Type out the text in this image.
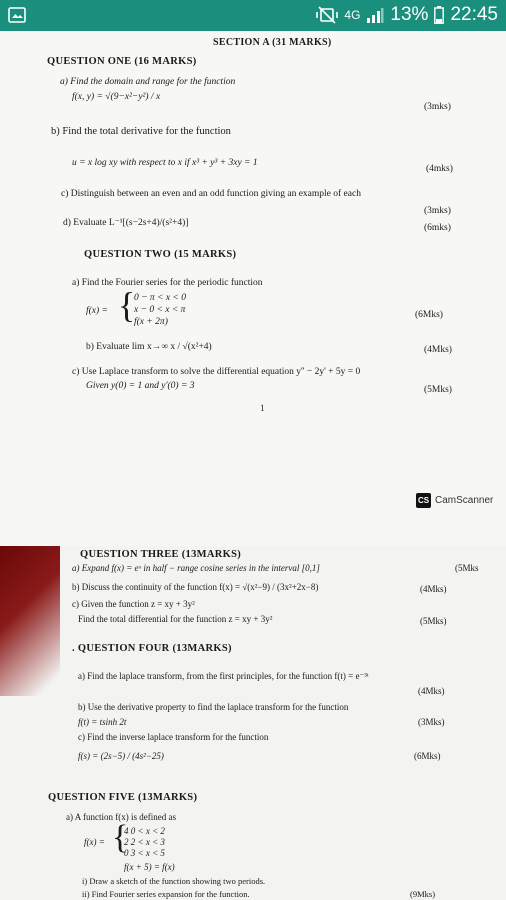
4G 13% 22:45
SECTION A (31 MARKS)
QUESTION ONE (16 MARKS)
a) Find the domain and range for the function
f(x, y) = √(9−x²−y²) / x
(3mks)
b) Find the total derivative for the function
u = x log xy with respect to x if x³ + y³ + 3xy = 1
(4mks)
c) Distinguish between an even and an odd function giving an example of each
(3mks)
d) Evaluate L⁻¹[(s−2s+4)/(s²+4)]	(6mks)
QUESTION TWO (15 MARKS)
a) Find the Fourier series for the periodic function
f(x) = {
0 − π < x < 0
x − 0 < x < π
f(x + 2π)
(6Mks)
b) Evaluate lim x→∞ x / √(x²+4)	(4Mks)
c) Use Laplace transform to solve the differential equation y'' − 2y' + 5y = 0
Given y(0) = 1 and y'(0) = 3	(5Mks)
1
CS CamScanner
QUESTION THREE (13MARKS)
a) Expand f(x) = eˣ in half − range cosine series in the interval [0,1]	(5Mks
b) Discuss the continuity of the function f(x) = √(x²−9) / (3x²+2x−8)	(4Mks)
c) Given the function z = xy + 3y²
Find the total differential for the function z = xy + 3y²	(5Mks)
. QUESTION FOUR (13MARKS)
a) Find the laplace transform, from the first principles, for the function f(t) = e⁻³ᵗ
(4Mks)
b) Use the derivative property to find the laplace transform for the function
f(t) = tsinh 2t	(3Mks)
c) Find the inverse laplace transform for the function
f(s) = (2s−5) / (4s²−25)	(6Mks)
QUESTION FIVE (13MARKS)
a) A function f(x) is defined as
f(x) = {
4 0 < x < 2
2 2 < x < 3
0 3 < x < 5
f(x + 5) = f(x)
i) Draw a sketch of the function showing two periods.
ii) Find Fourier series expansion for the function.	(9Mks)
